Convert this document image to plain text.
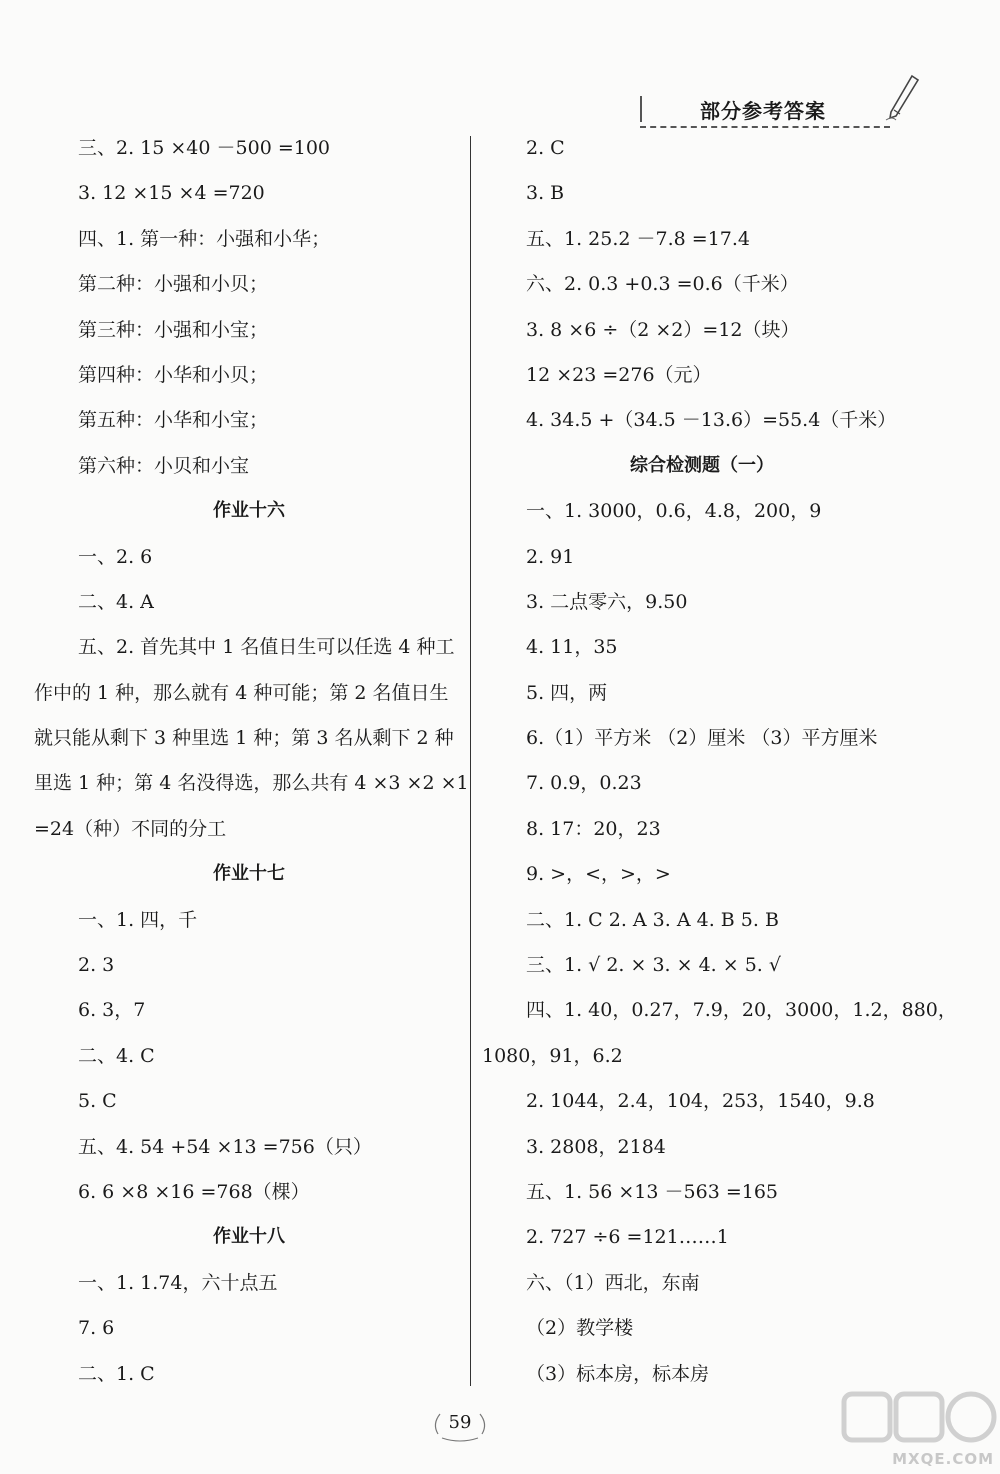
部分参考答案
三、2. 15 ×40 －500 =100
3. 12 ×15 ×4 =720
四、1. 第一种：小强和小华；
第二种：小强和小贝；
第三种：小强和小宝；
第四种：小华和小贝；
第五种：小华和小宝；
第六种：小贝和小宝
作业十六
一、2. 6
二、4. A
五、2. 首先其中 1 名值日生可以任选 4 种工
作中的 1 种，那么就有 4 种可能；第 2 名值日生
就只能从剩下 3 种里选 1 种；第 3 名从剩下 2 种
里选 1 种；第 4 名没得选，那么共有 4 ×3 ×2 ×1
=24（种）不同的分工
作业十七
一、1. 四，千
2. 3
6. 3，7
二、4. C
5. C
五、4. 54 +54 ×13 =756（只）
6. 6 ×8 ×16 =768（棵）
作业十八
一、1. 1.74，六十点五
7. 6
二、1. C
2. C
3. B
五、1. 25.2 －7.8 =17.4
六、2. 0.3 +0.3 =0.6（千米）
3. 8 ×6 ÷（2 ×2）=12（块）
12 ×23 =276（元）
4. 34.5 +（34.5 －13.6）=55.4（千米）
综合检测题（一）
一、1. 3000，0.6，4.8，200，9
2. 91
3. 二点零六，9.50
4. 11，35
5. 四，两
6.（1）平方米 （2）厘米 （3）平方厘米
7. 0.9，0.23
8. 17：20，23
9. >，<，>，>
二、1. C 2. A 3. A 4. B 5. B
三、1. √ 2. × 3. × 4. × 5. √
四、1. 40，0.27，7.9，20，3000，1.2，880，
1080，91，6.2
2. 1044，2.4，104，253，1540，9.8
3. 2808，2184
五、1. 56 ×13 －563 =165
2. 727 ÷6 =121……1
六、（1）西北，东南
（2）教学楼
（3）标本房，标本房
59
MXQE.COM
